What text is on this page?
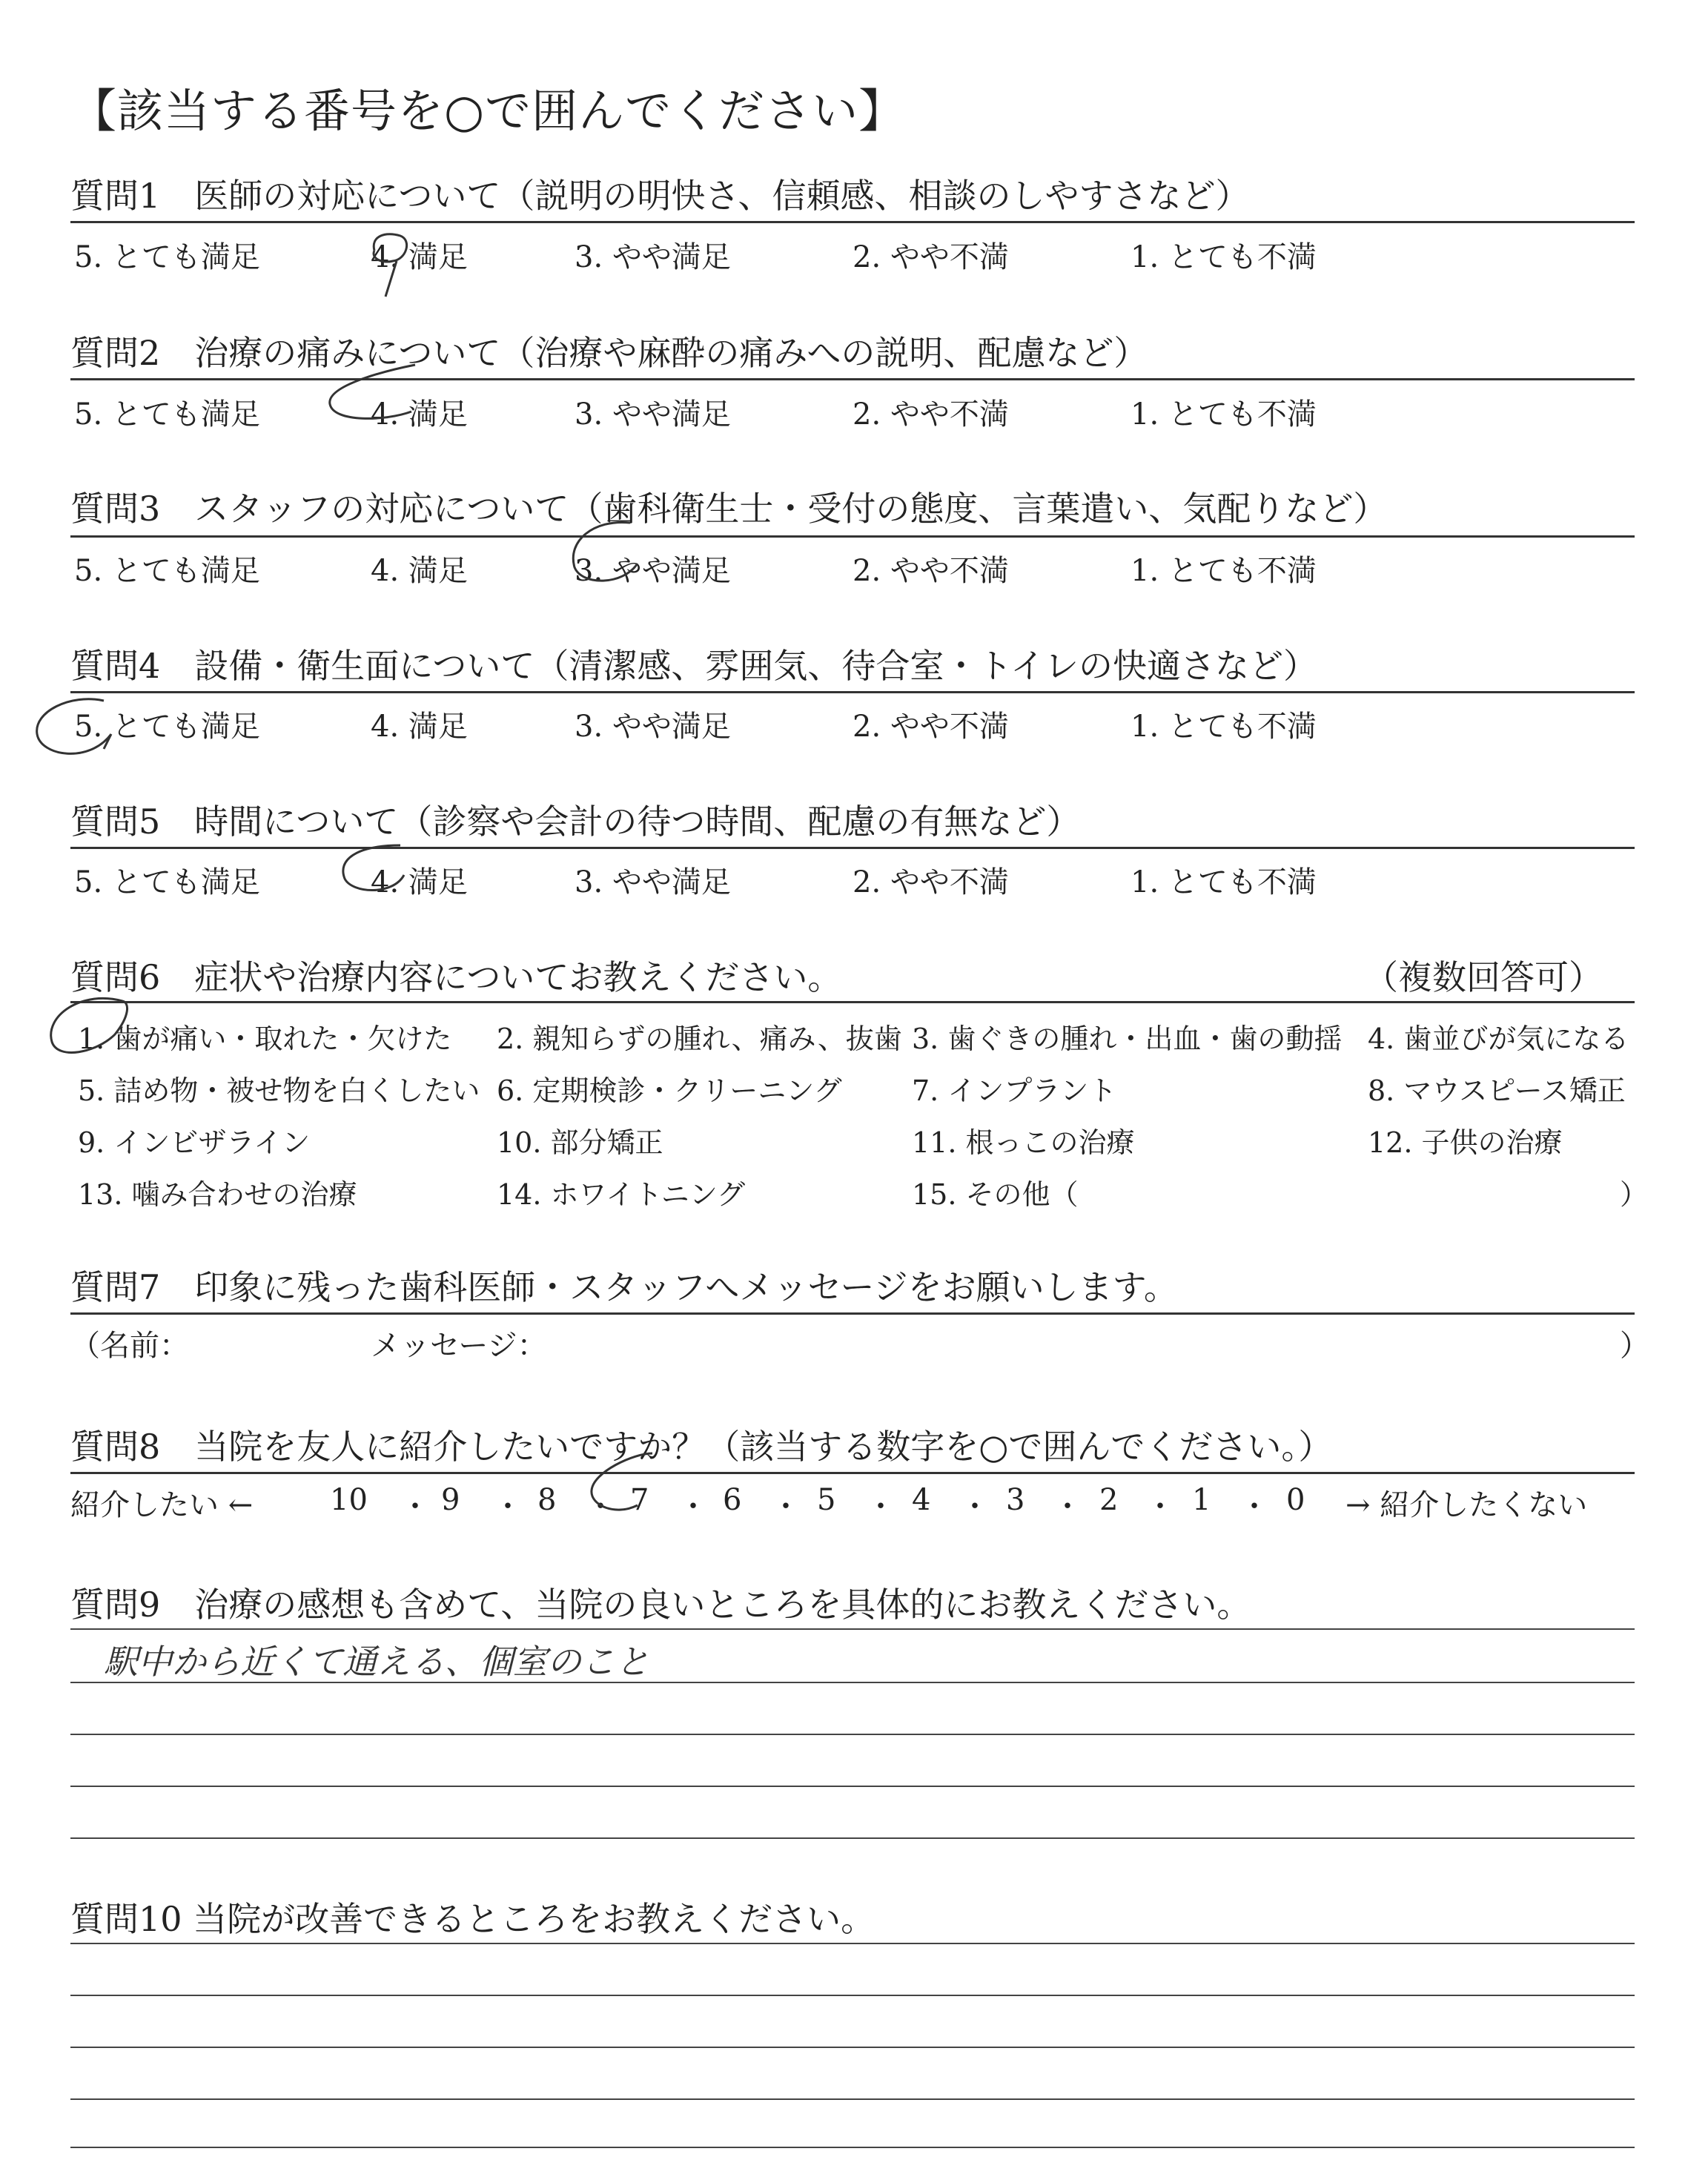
【該当する番号を○で囲んでください】
質問1　医師の対応について（説明の明快さ、信頼感、相談のしやすさなど）
5. とても満足	4. 満足	3. やや満足	2. やや不満	1. とても不満
質問2　治療の痛みについて（治療や麻酔の痛みへの説明、配慮など）
5. とても満足	4. 満足	3. やや満足	2. やや不満	1. とても不満
質問3　スタッフの対応について（歯科衛生士・受付の態度、言葉遣い、気配りなど）
5. とても満足	4. 満足	3. やや満足	2. やや不満	1. とても不満
質問4　設備・衛生面について（清潔感、雰囲気、待合室・トイレの快適さなど）
5. とても満足	4. 満足	3. やや満足	2. やや不満	1. とても不満
質問5　時間について（診察や会計の待つ時間、配慮の有無など）
5. とても満足	4. 満足	3. やや満足	2. やや不満	1. とても不満
質問6　症状や治療内容についてお教えください。	（複数回答可）
1. 歯が痛い・取れた・欠けた 2. 親知らずの腫れ、痛み、抜歯 3. 歯ぐきの腫れ・出血・歯の動揺 4. 歯並びが気になる
5. 詰め物・被せ物を白くしたい 6. 定期検診・クリーニング 7. インプラント	8. マウスピース矯正
9. インビザライン	10. 部分矯正	11. 根っこの治療	12. 子供の治療
13. 噛み合わせの治療	14. ホワイトニング	15. その他（	）
質問7　印象に残った歯科医師・スタッフへメッセージをお願いします。
（名前：	メッセージ：	）
質問8　当院を友人に紹介したいですか？（該当する数字を○で囲んでください。）
紹介したい ←	10 ・ 9 ・ 8 ・ 7 ・ 6 ・ 5 ・ 4 ・ 3 ・ 2 ・ 1 ・ 0 → 紹介したくない
質問9　治療の感想も含めて、当院の良いところを具体的にお教えください。
駅中から近くて通える、個室のこと
質問10 当院が改善できるところをお教えください。
